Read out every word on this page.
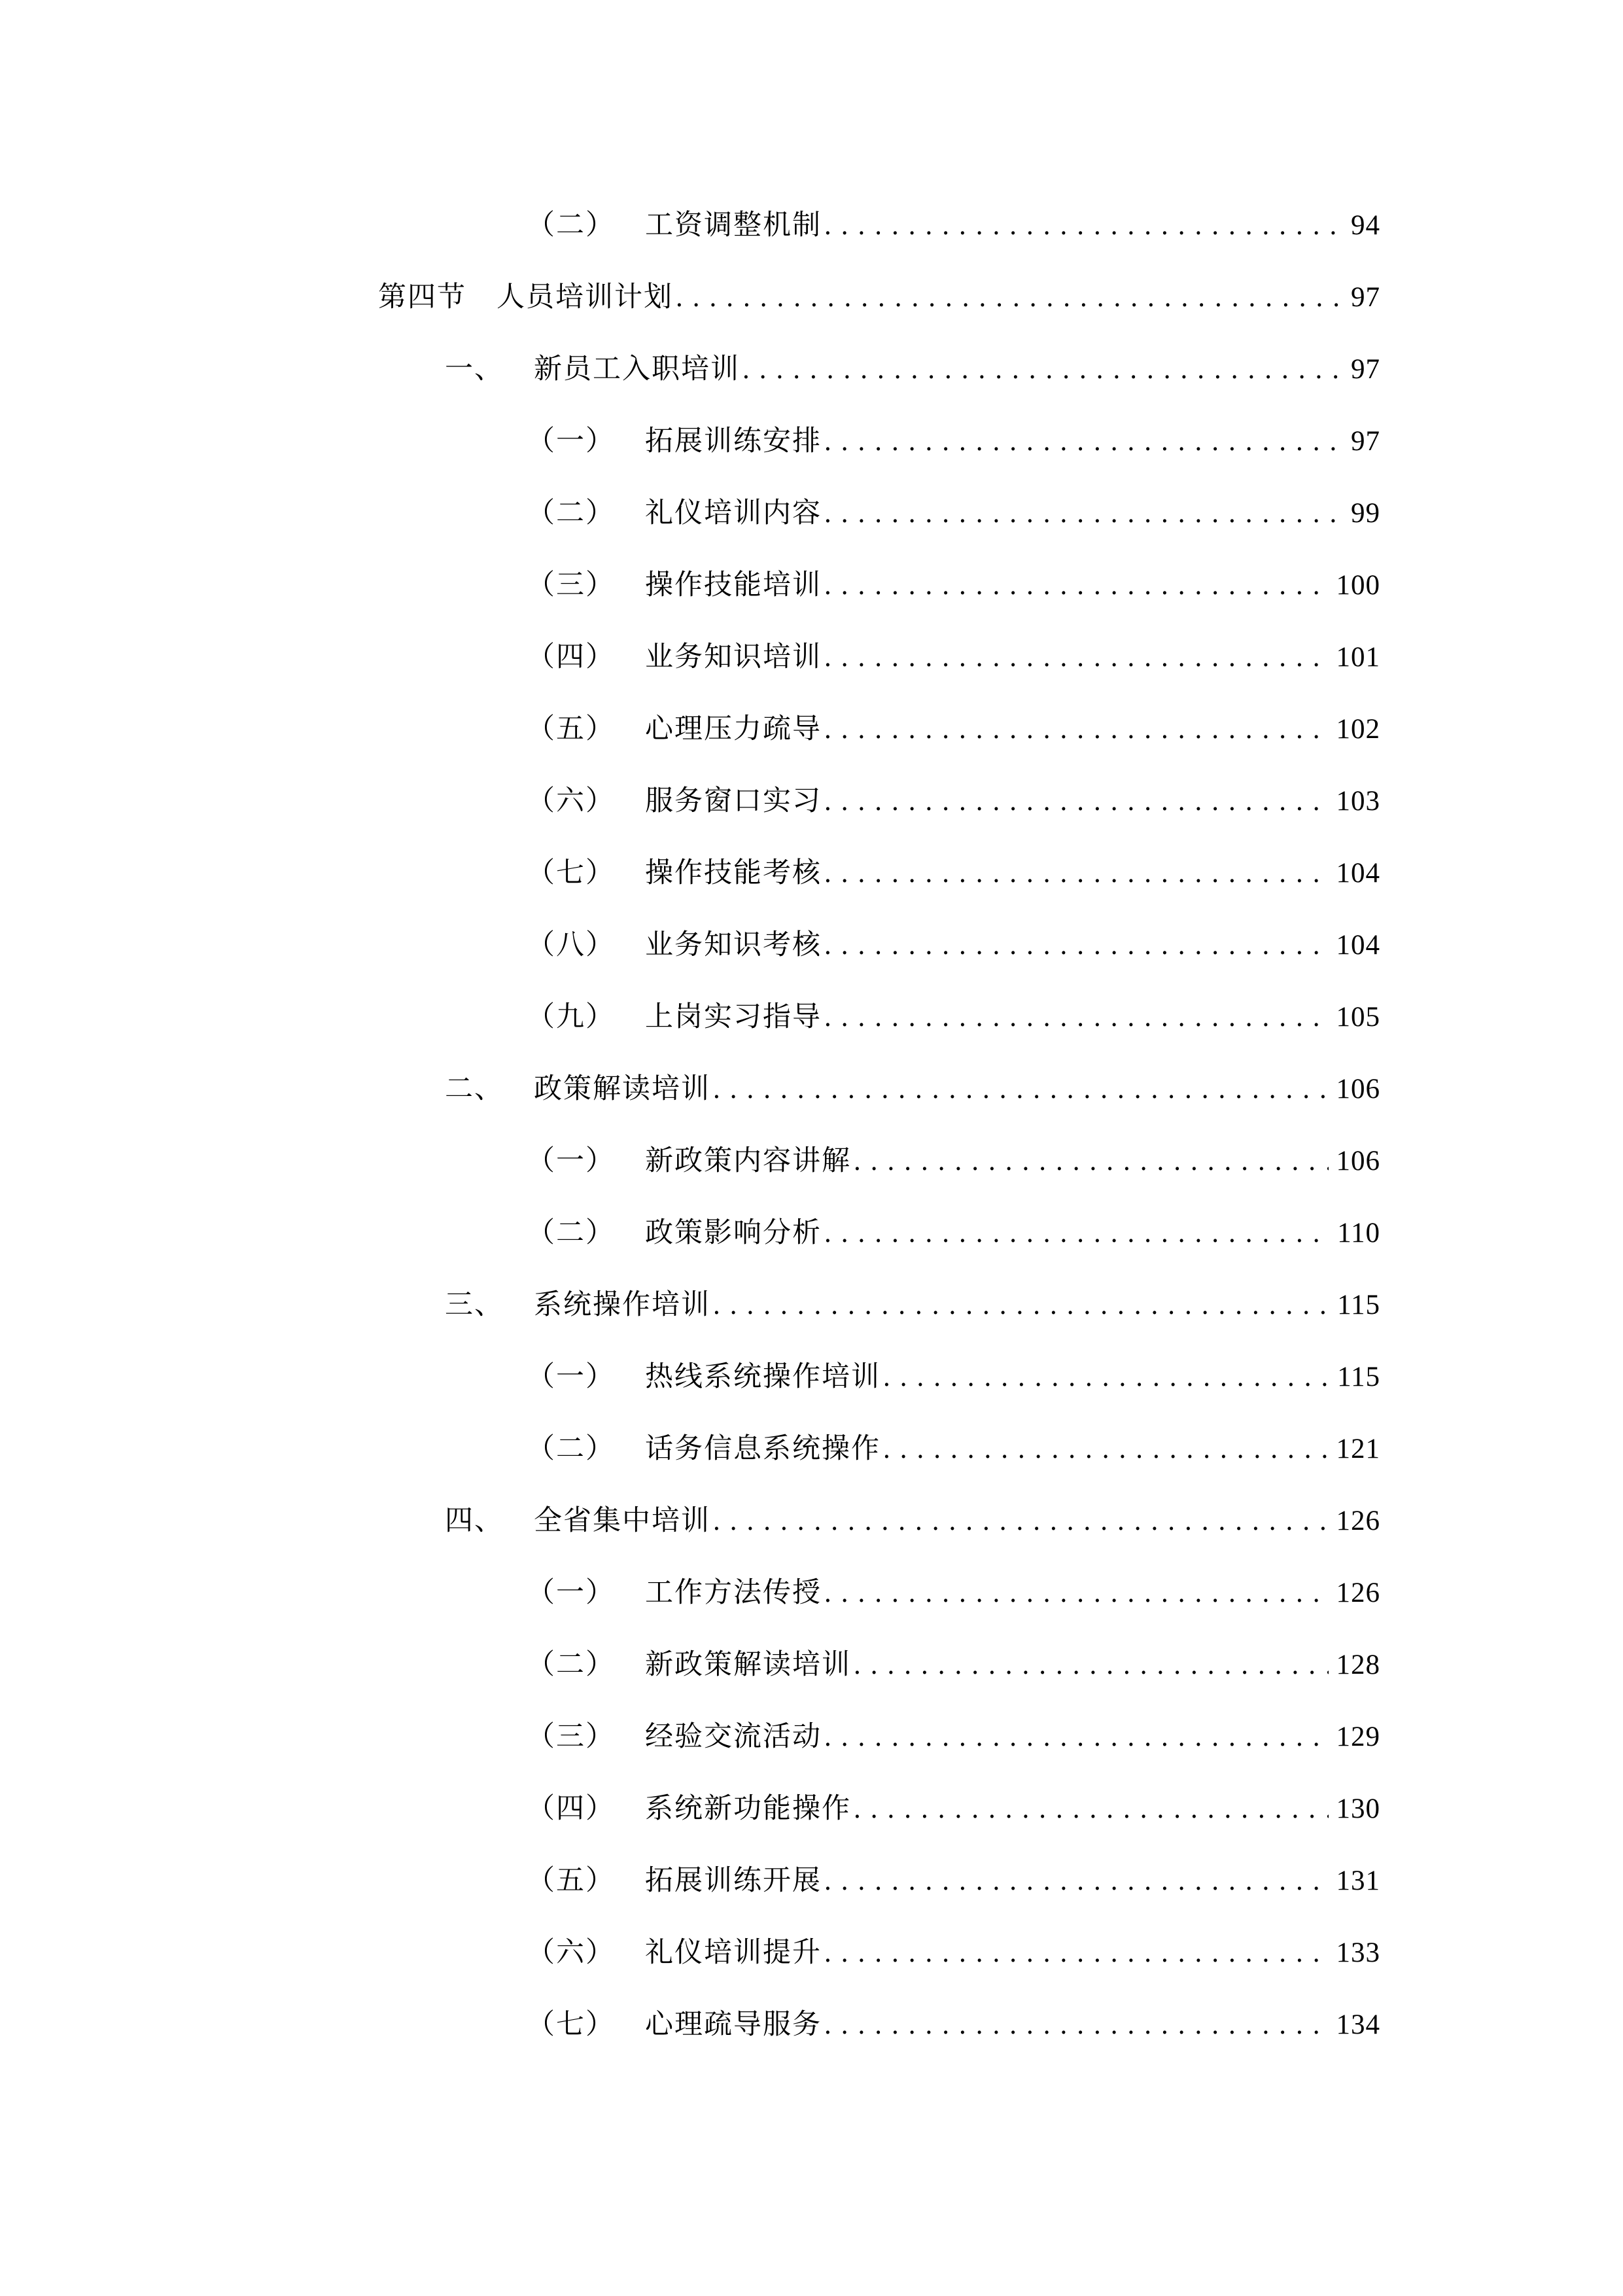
（二） 工资调整机制 .....	94
第四节 人员培训计划 .....	97
一、 新员工入职培训 .....	97
（一） 拓展训练安排 .....	97
（二） 礼仪培训内容 .....	99
（三） 操作技能培训 .....	100
（四） 业务知识培训 .....	101
（五） 心理压力疏导 .....	102
（六） 服务窗口实习 .....	103
（七） 操作技能考核 .....	104
（八） 业务知识考核 .....	104
（九） 上岗实习指导 .....	105
二、 政策解读培训 .....	106
（一） 新政策内容讲解 .....	106
（二） 政策影响分析 .....	110
三、 系统操作培训 .....	115
（一） 热线系统操作培训 .....	115
（二） 话务信息系统操作 .....	121
四、 全省集中培训 .....	126
（一） 工作方法传授 .....	126
（二） 新政策解读培训 .....	128
（三） 经验交流活动 .....	129
（四） 系统新功能操作 .....	130
（五） 拓展训练开展 .....	131
（六） 礼仪培训提升 .....	133
（七） 心理疏导服务 .....	134
